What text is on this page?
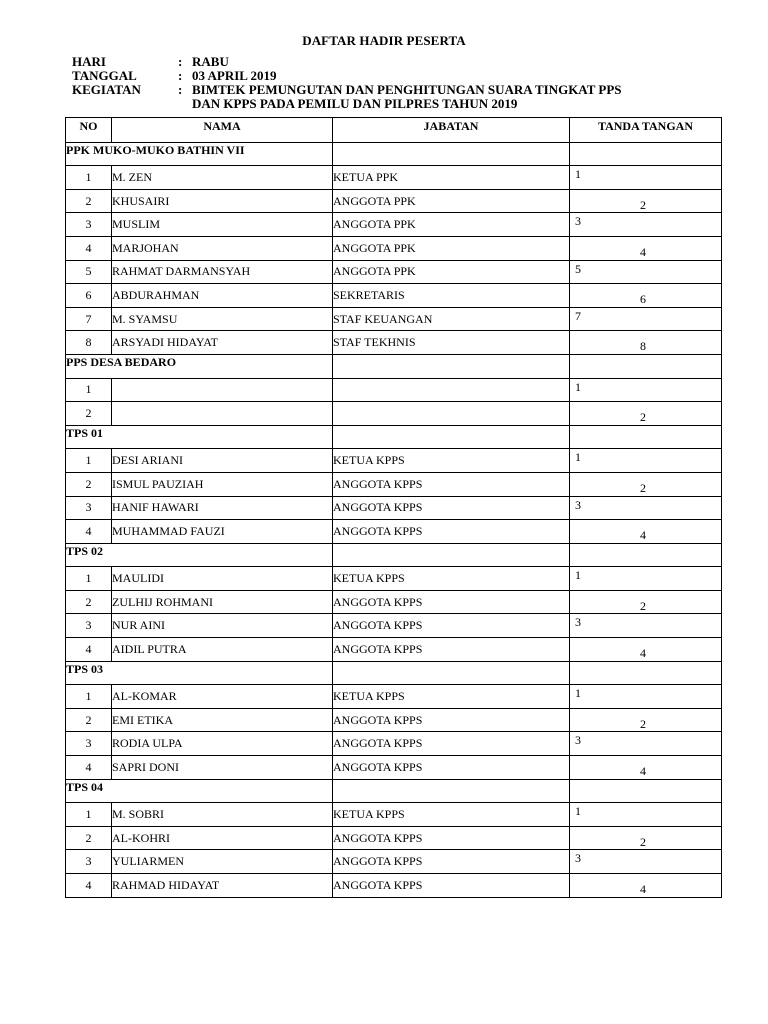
DAFTAR HADIR PESERTA
HARI	: RABU
TANGGAL	: 03 APRIL 2019
KEGIATAN	: BIMTEK PEMUNGUTAN DAN PENGHITUNGAN SUARA TINGKAT PPS DAN KPPS PADA PEMILU DAN PILPRES TAHUN 2019
NO	NAMA	JABATAN	TANDA TANGAN
PPK MUKO-MUKO BATHIN VII			
1	M. ZEN	KETUA PPK	1

2	KHUSAIRI	ANGGOTA PPK	2

3	MUSLIM	ANGGOTA PPK	3

4	MARJOHAN	ANGGOTA PPK	4

5	RAHMAT DARMANSYAH	ANGGOTA PPK	5

6	ABDURAHMAN	SEKRETARIS	6

7	M. SYAMSU	STAF KEUANGAN	7

8	ARSYADI HIDAYAT	STAF TEKHNIS	8

PPS DESA BEDARO			
1			1

2			2

TPS 01			
1	DESI ARIANI	KETUA KPPS	1

2	ISMUL PAUZIAH	ANGGOTA KPPS	2

3	HANIF HAWARI	ANGGOTA KPPS	3

4	MUHAMMAD FAUZI	ANGGOTA KPPS	4

TPS 02			
1	MAULIDI	KETUA KPPS	1

2	ZULHIJ ROHMANI	ANGGOTA KPPS	2

3	NUR AINI	ANGGOTA KPPS	3

4	AIDIL PUTRA	ANGGOTA KPPS	4

TPS 03			
1	AL-KOMAR	KETUA KPPS	1

2	EMI ETIKA	ANGGOTA KPPS	2

3	RODIA ULPA	ANGGOTA KPPS	3

4	SAPRI DONI	ANGGOTA KPPS	4

TPS 04			
1	M. SOBRI	KETUA KPPS	1

2	AL-KOHRI	ANGGOTA KPPS	2

3	YULIARMEN	ANGGOTA KPPS	3

4	RAHMAD HIDAYAT	ANGGOTA KPPS	4
